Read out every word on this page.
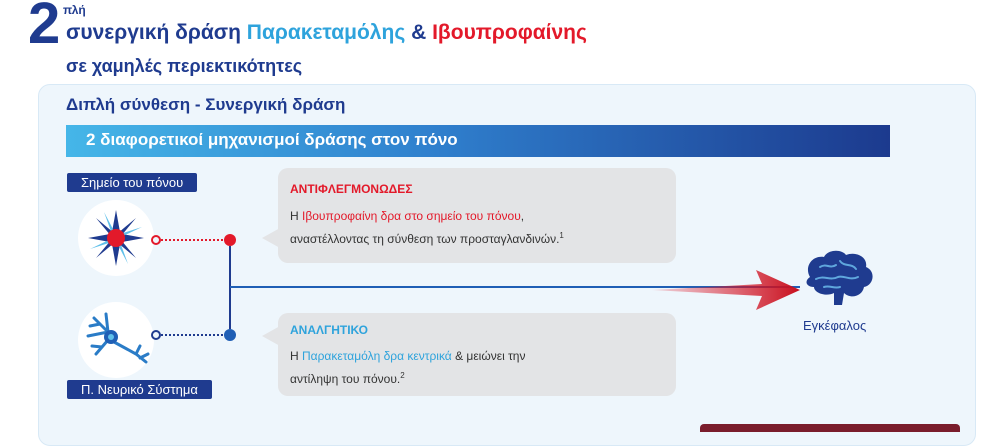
2 πλή
συνεργική δράση Παρακεταμόλης & Ιβουπροφαίνης
σε χαμηλές περιεκτικότητες
Διπλή σύνθεση - Συνεργική δράση
2 διαφορετικοί μηχανισμοί δράσης στον πόνο
Σημείο του πόνου
Π. Νευρικό Σύστημα
ΑΝΤΙΦΛΕΓΜΟΝΩΔΕΣ
Η Ιβουπροφαίνη δρα στο σημείο του πόνου,
αναστέλλοντας τη σύνθεση των προσταγλανδινών.$^1$
ΑΝΑΛΓΗΤΙΚΟ
Η Παρακεταμόλη δρα κεντρικά & μειώνει την
αντίληψη του πόνου.$^2$
Εγκέφαλος
